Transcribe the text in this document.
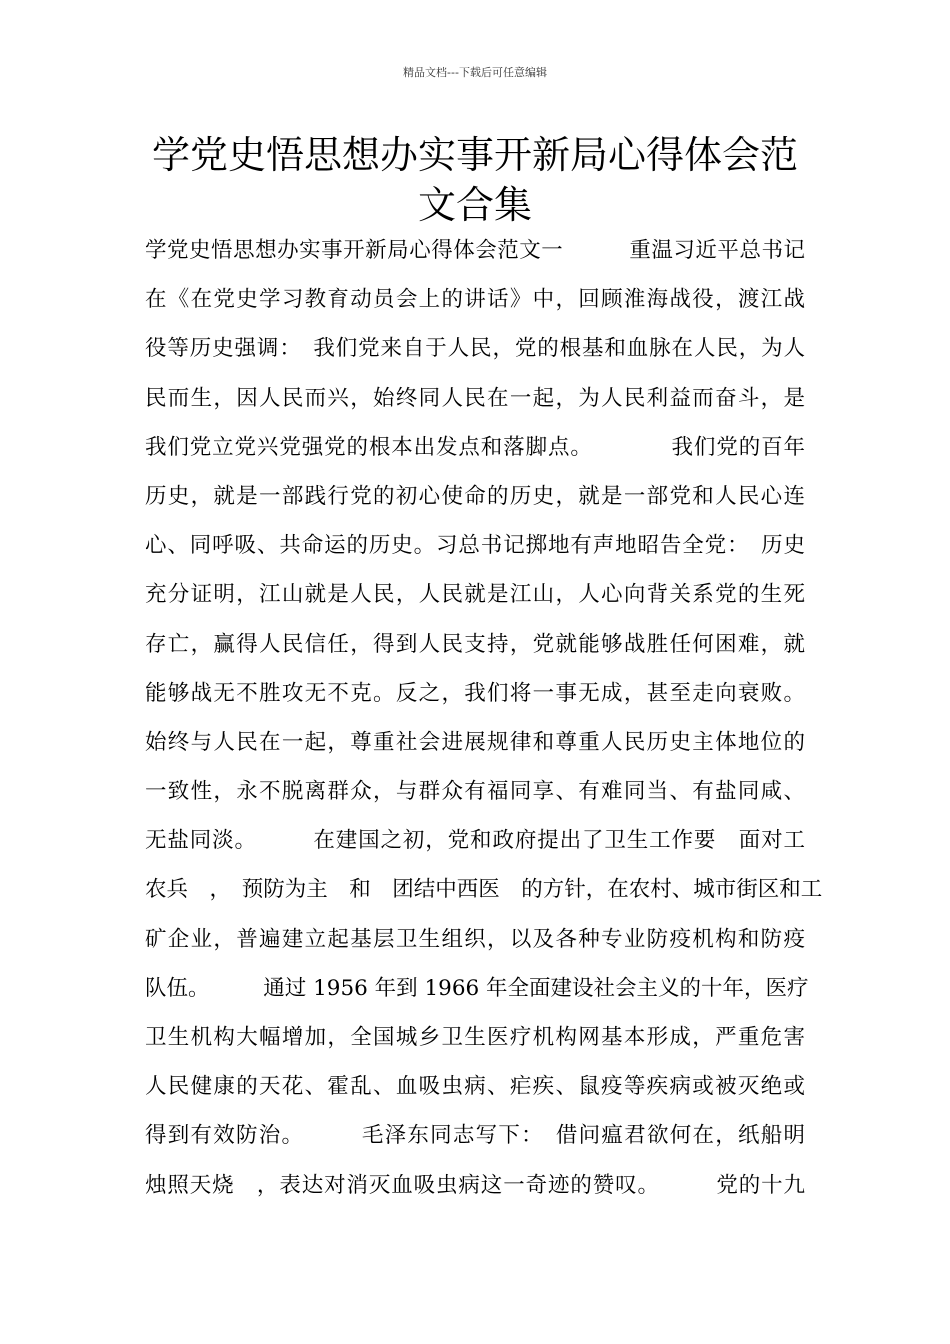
精品文档---下载后可任意编辑
学党史悟思想办实事开新局心得体会范
文合集
学党史悟思想办实事开新局心得体会范文一　　　重温习近平总书记
在《在党史学习教育动员会上的讲话》中，回顾淮海战役，渡江战
役等历史强调：　我们党来自于人民，党的根基和血脉在人民，为人
民而生，因人民而兴，始终同人民在一起，为人民利益而奋斗，是
我们党立党兴党强党的根本出发点和落脚点。　　　　我们党的百年
历史，就是一部践行党的初心使命的历史，就是一部党和人民心连
心、同呼吸、共命运的历史。习总书记掷地有声地昭告全党：　历史
充分证明，江山就是人民，人民就是江山，人心向背关系党的生死
存亡，赢得人民信任，得到人民支持，党就能够战胜任何困难，就
能够战无不胜攻无不克。反之，我们将一事无成，甚至走向衰败。
始终与人民在一起，尊重社会进展规律和尊重人民历史主体地位的
一致性，永不脱离群众，与群众有福同享、有难同当、有盐同咸、
无盐同淡。　　　在建国之初，党和政府提出了卫生工作要　面对工
农兵　，　预防为主　和　团结中西医　的方针，在农村、城市街区和工
矿企业，普遍建立起基层卫生组织，以及各种专业防疫机构和防疫
队伍。　　　通过 1956 年到 1966 年全面建设社会主义的十年，医疗
卫生机构大幅增加，全国城乡卫生医疗机构网基本形成，严重危害
人民健康的天花、霍乱、血吸虫病、疟疾、鼠疫等疾病或被灭绝或
得到有效防治。　　　毛泽东同志写下：　借问瘟君欲何在，纸船明
烛照天烧　，表达对消灭血吸虫病这一奇迹的赞叹。　　　党的十九
